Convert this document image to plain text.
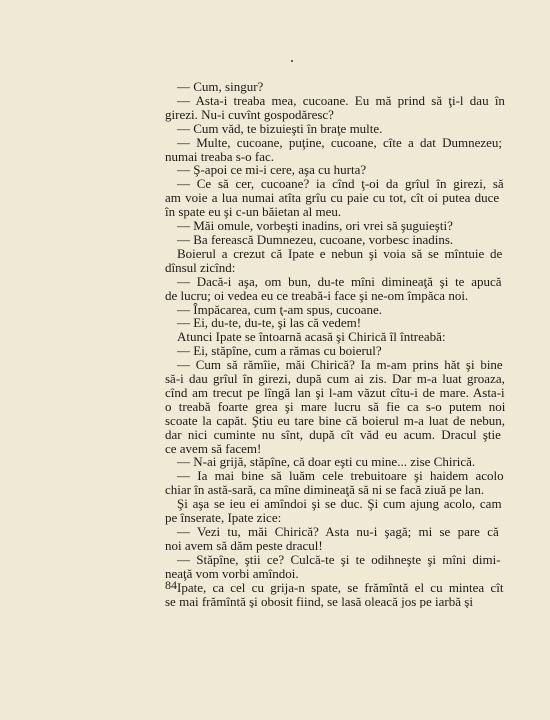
— Cum, singur?
— Asta-i treaba mea, cucoane. Eu mă prind să ţi-l dau în
girezi. Nu-i cuvînt gospodăresc?
— Cum văd, te bizuieşti în braţe multe.
— Multe, cucoane, puţine, cucoane, cîte a dat Dumnezeu;
numai treaba s-o fac.
— Ş-apoi ce mi-i cere, aşa cu hurta?
— Ce să cer, cucoane? ia cînd ţ-oi da grîul în girezi, să
am voie a lua numai atîta grîu cu paie cu tot, cît oi putea duce
în spate eu şi c-un băietan al meu.
— Măi omule, vorbeşti inadins, ori vrei să şuguieşti?
— Ba ferească Dumnezeu, cucoane, vorbesc inadins.
Boierul a crezut că Ipate e nebun şi voia să se mîntuie de
dînsul zicînd:
— Dacă-i aşa, om bun, du-te mîni dimineaţă şi te apucă
de lucru; oi vedea eu ce treabă-i face şi ne-om împăca noi.
— Împăcarea, cum ţ-am spus, cucoane.
— Ei, du-te, du-te, şi las că vedem!
Atunci Ipate se întoarnă acasă şi Chirică îl întreabă:
— Ei, stăpîne, cum a rămas cu boierul?
— Cum să rămîie, măi Chirică? Ia m-am prins hăt şi bine
să-i dau grîul în girezi, după cum ai zis. Dar m-a luat groaza,
cînd am trecut pe lîngă lan şi l-am văzut cîtu-i de mare. Asta-i
o treabă foarte grea şi mare lucru să fie ca s-o putem noi
scoate la capăt. Ştiu eu tare bine că boierul m-a luat de nebun,
dar nici cuminte nu sînt, după cît văd eu acum. Dracul ştie
ce avem să facem!
— N-ai grijă, stăpîne, că doar eşti cu mine... zise Chirică.
— Ia mai bine să luăm cele trebuitoare şi haidem acolo
chiar în astă-sară, ca mîne dimineaţă să ni se facă ziuă pe lan.
Şi aşa se ieu ei amîndoi şi se duc. Şi cum ajung acolo, cam
pe înserate, Ipate zice:
— Vezi tu, măi Chirică? Asta nu-i şagă; mi se pare că
noi avem să dăm peste dracul!
— Stăpîne, ştii ce? Culcă-te şi te odihneşte şi mîni dimi-
neaţă vom vorbi amîndoi.
Ipate, ca cel cu grija-n spate, se frămîntă el cu mintea cît
se mai frămîntă şi obosit fiind, se lasă oleacă jos pe iarbă şi
84
